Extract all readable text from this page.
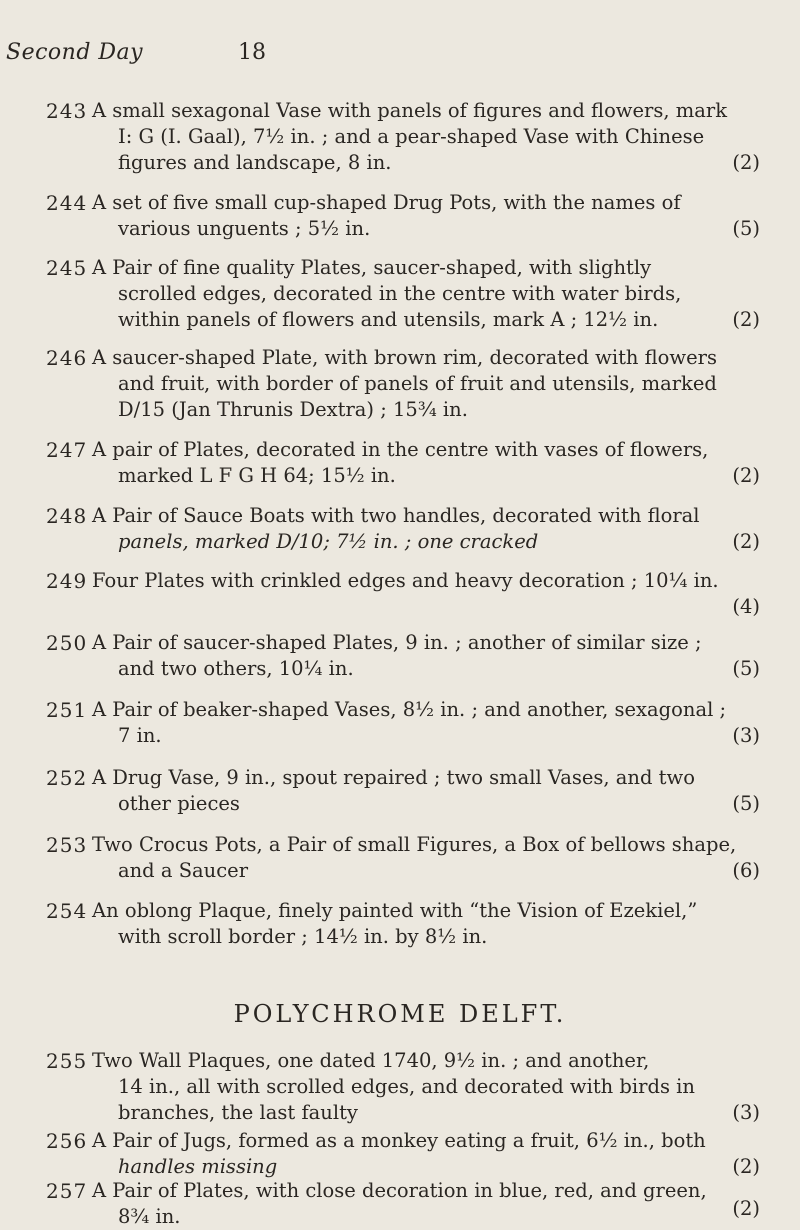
Second Day	18
243 A small sexagonal Vase with panels of figures and flowers, mark
I: G (I. Gaal), 7½ in. ; and a pear-shaped Vase with Chinese
figures and landscape, 8 in.	(2)
244 A set of five small cup-shaped Drug Pots, with the names of
various unguents ; 5½ in.	(5)
245 A Pair of fine quality Plates, saucer-shaped, with slightly
scrolled edges, decorated in the centre with water birds,
within panels of flowers and utensils, mark A ; 12½ in.	(2)
246 A saucer-shaped Plate, with brown rim, decorated with flowers
and fruit, with border of panels of fruit and utensils, marked
D/15 (Jan Thrunis Dextra) ; 15¾ in.
247 A pair of Plates, decorated in the centre with vases of flowers,
marked L F G H 64; 15½ in.	(2)
248 A Pair of Sauce Boats with two handles, decorated with floral
panels, marked D/10; 7½ in. ; one cracked	(2)
249 Four Plates with crinkled edges and heavy decoration ; 10¼ in.
(4)
250 A Pair of saucer-shaped Plates, 9 in. ; another of similar size ;
and two others, 10¼ in.	(5)
251 A Pair of beaker-shaped Vases, 8½ in. ; and another, sexagonal ;
7 in.	(3)
252 A Drug Vase, 9 in., spout repaired ; two small Vases, and two
other pieces	(5)
253 Two Crocus Pots, a Pair of small Figures, a Box of bellows shape,
and a Saucer	(6)
254 An oblong Plaque, finely painted with “the Vision of Ezekiel,”
with scroll border ; 14½ in. by 8½ in.
POLYCHROME DELFT.
255 Two Wall Plaques, one dated 1740, 9½ in. ; and another,
14 in., all with scrolled edges, and decorated with birds in
branches, the last faulty	(3)
256 A Pair of Jugs, formed as a monkey eating a fruit, 6½ in., both
handles missing	(2)
257 A Pair of Plates, with close decoration in blue, red, and green,
8¾ in.	(2)
